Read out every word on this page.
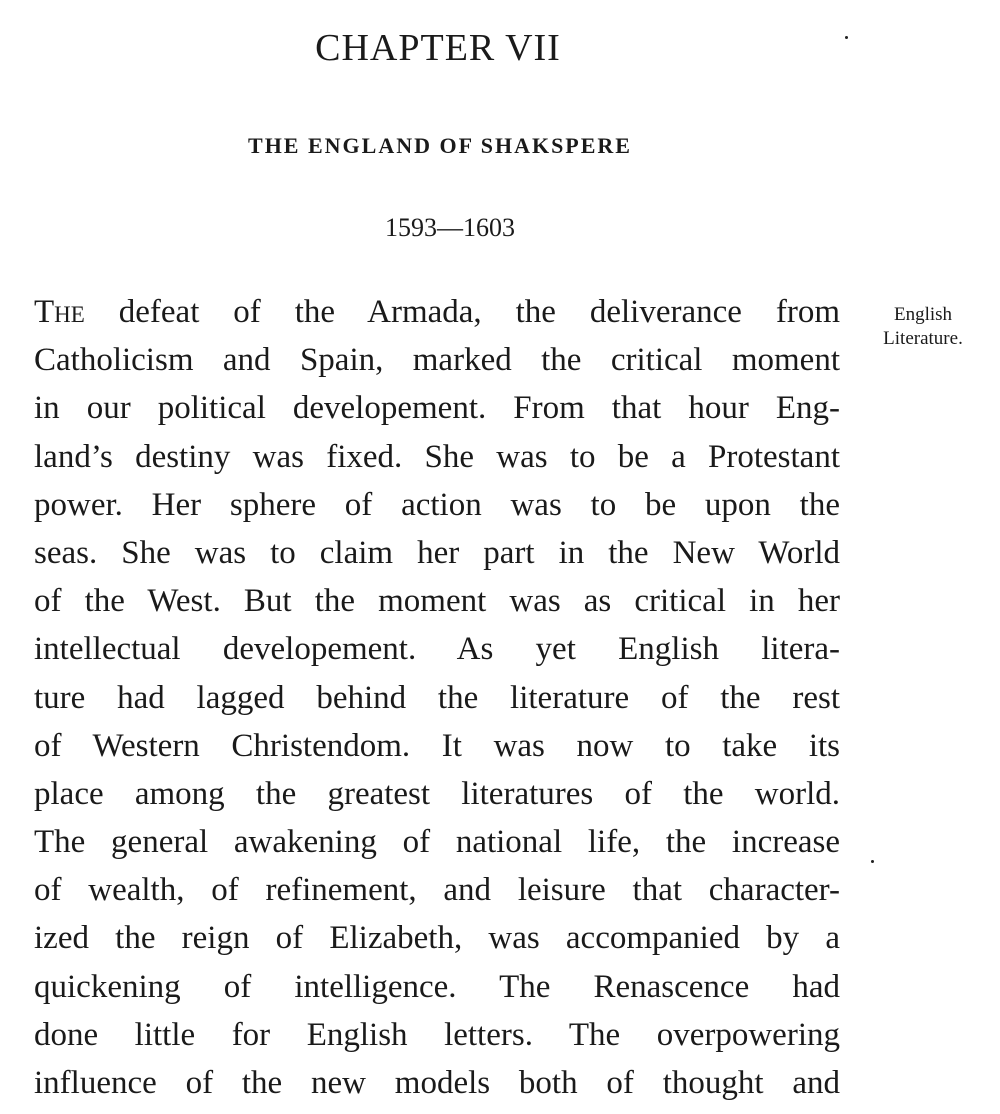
CHAPTER VII
THE ENGLAND OF SHAKSPERE
1593—1603
English
Literature.
The defeat of the Armada, the deliverance from
Catholicism and Spain, marked the critical moment
in our political developement. From that hour Eng-
land’s destiny was fixed. She was to be a Protestant
power. Her sphere of action was to be upon the
seas. She was to claim her part in the New World
of the West. But the moment was as critical in her
intellectual developement. As yet English litera-
ture had lagged behind the literature of the rest
of Western Christendom. It was now to take its
place among the greatest literatures of the world.
The general awakening of national life, the increase
of wealth, of refinement, and leisure that character-
ized the reign of Elizabeth, was accompanied by a
quickening of intelligence. The Renascence had
done little for English letters. The overpowering
influence of the new models both of thought and
